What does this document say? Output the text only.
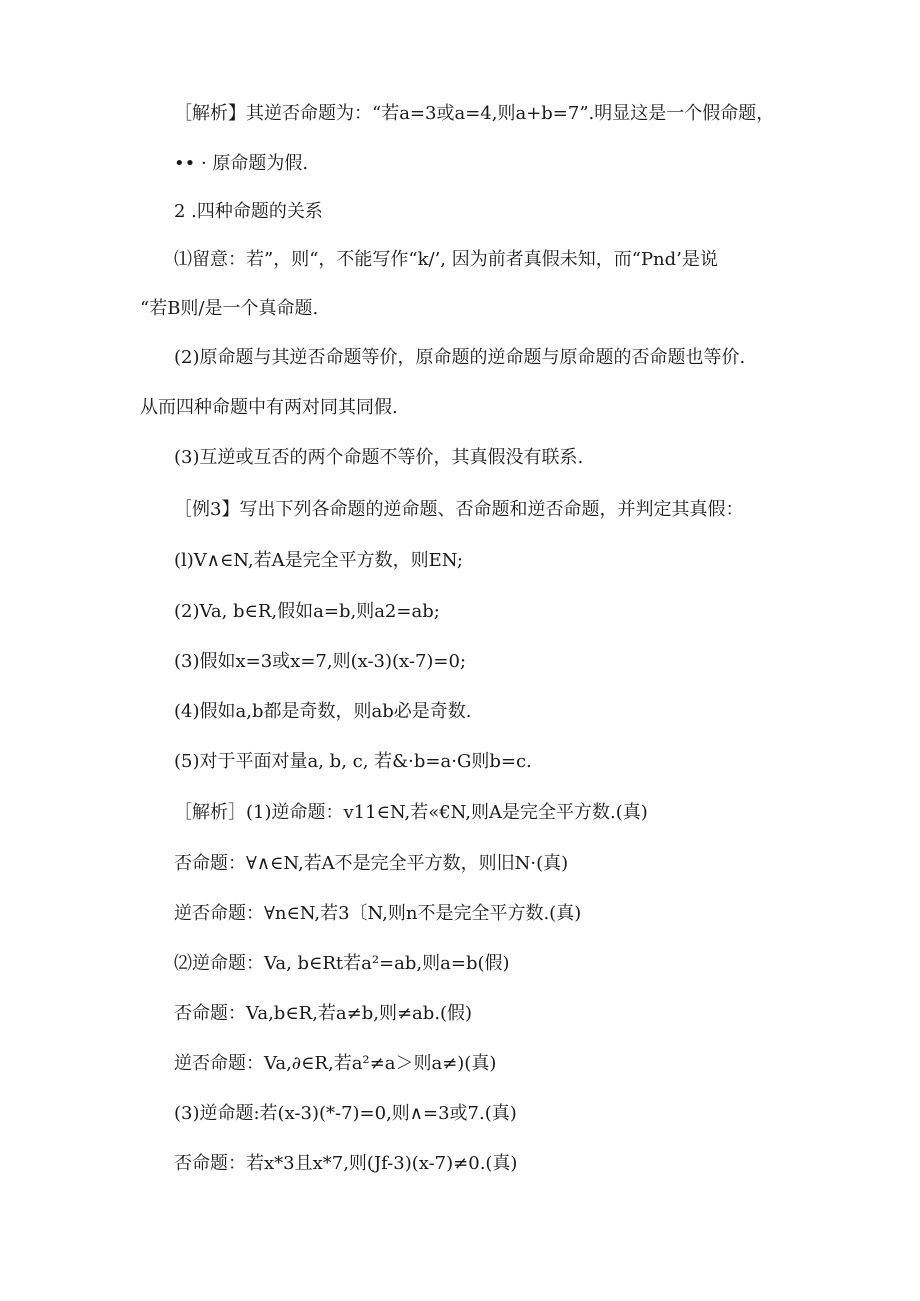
［解析】其逆否命题为：“若a=3或a=4,则a+b=7”.明显这是一个假命题，
•• · 原命题为假.
2 .四种命题的关系
⑴留意：若”，则“，不能写作“k/’, 因为前者真假未知，而“Pnd’是说
“若B则/是一个真命题.
(2)原命题与其逆否命题等价，原命题的逆命题与原命题的否命题也等价.
从而四种命题中有两对同其同假.
(3)互逆或互否的两个命题不等价，其真假没有联系.
［例3】写出下列各命题的逆命题、否命题和逆否命题，并判定其真假：
(l)V∧∈N,若A是完全平方数，则EN;
(2)Va, b∈R,假如a=b,则a2=ab;
(3)假如x=3或x=7,则(x-3)(x-7)=0;
(4)假如a,b都是奇数，则ab必是奇数.
(5)对于平面对量a, b, c, 若&·b=a·G则b=c.
［解析］(1)逆命题：v11∈N,若«€N,则A是完全平方数.(真)
否命题：∀∧∈N,若A不是完全平方数，则旧N·(真)
逆否命题：∀n∈N,若3〔N,则n不是完全平方数.(真)
⑵逆命题：Va, b∈Rt若a²=ab,则a=b(假)
否命题：Va,b∈R,若a≠b,则≠ab.(假)
逆否命题：Va,∂∈R,若a²≠a＞则a≠)(真)
(3)逆命题:若(x-3)(*-7)=0,则∧=3或7.(真)
否命题：若x*3且x*7,则(Jf-3)(x-7)≠0.(真)
